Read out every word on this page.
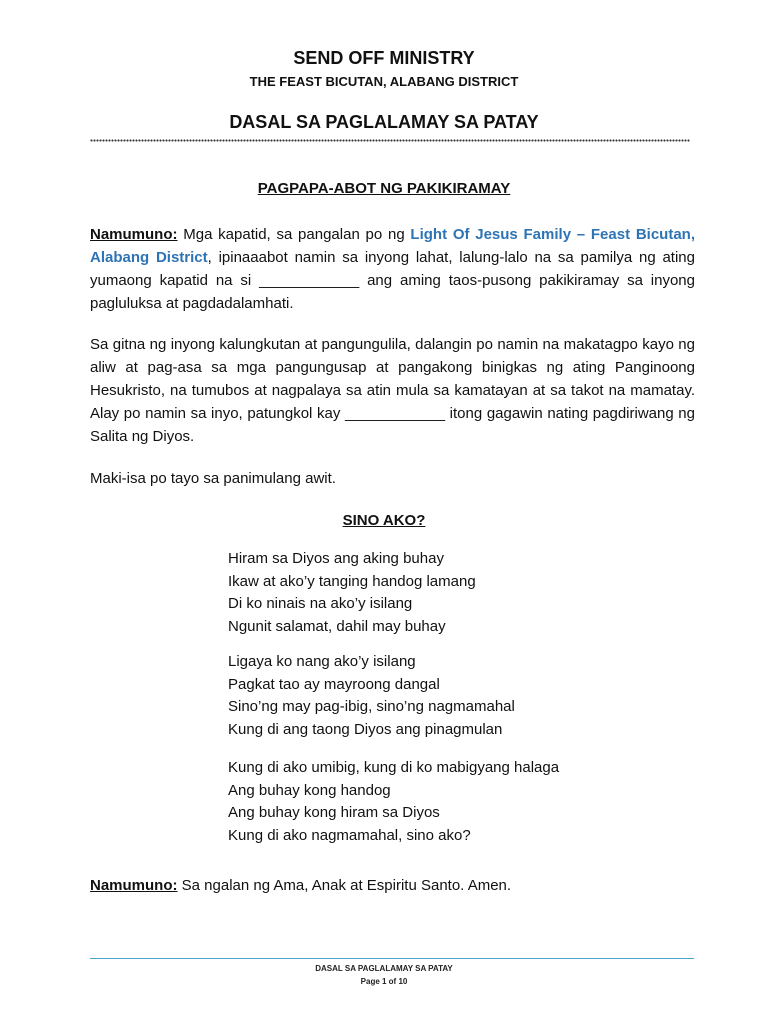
SEND OFF MINISTRY
THE FEAST BICUTAN, ALABANG DISTRICT
DASAL SA PAGLALAMAY SA PATAY
PAGPAPA-ABOT NG PAKIKIRAMAY
Namumuno: Mga kapatid, sa pangalan po ng Light Of Jesus Family – Feast Bicutan, Alabang District, ipinaaabot namin sa inyong lahat, lalung-lalo na sa pamilya ng ating yumaong kapatid na si ____________ ang aming taos-pusong pakikiramay sa inyong pagluluksa at pagdadalamhati.
Sa gitna ng inyong kalungkutan at pangungulila, dalangin po namin na makatagpo kayo ng aliw at pag-asa sa mga pangungusap at pangakong binigkas ng ating Panginoong Hesukristo, na tumubos at nagpalaya sa atin mula sa kamatayan at sa takot na mamatay. Alay po namin sa inyo, patungkol kay ____________ itong gagawin nating pagdiriwang ng Salita ng Diyos.
Maki-isa po tayo sa panimulang awit.
SINO AKO?
Hiram sa Diyos ang aking buhay
Ikaw at ako’y tanging handog lamang
Di ko ninais na ako’y isilang
Ngunit salamat, dahil may buhay
Ligaya ko nang ako’y isilang
Pagkat tao ay mayroong dangal
Sino’ng may pag-ibig, sino’ng nagmamahal
Kung di ang taong Diyos ang pinagmulan
Kung di ako umibig, kung di ko mabigyang halaga
Ang buhay kong handog
Ang buhay kong hiram sa Diyos
Kung di ako nagmamahal, sino ako?
Namumuno: Sa ngalan ng Ama, Anak at Espiritu Santo. Amen.
DASAL SA PAGLALAMAY SA PATAY
Page 1 of 10
